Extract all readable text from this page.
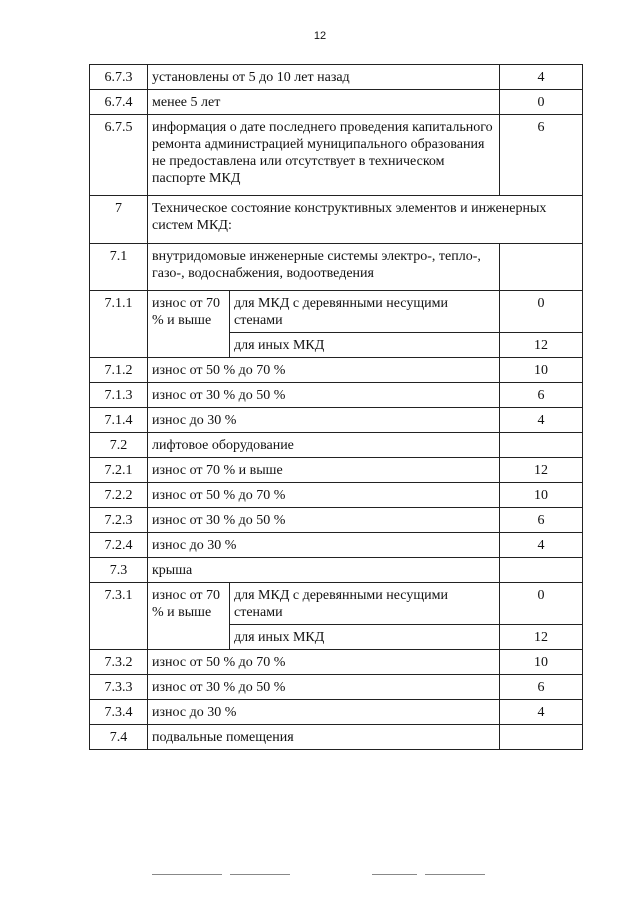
12
6.7.3	установлены от 5 до 10 лет назад		4
6.7.4	менее 5 лет		0
6.7.5	информация о дате последнего проведения капитального ремонта администрацией муниципального образования не предоставлена или отсутствует в техническом паспорте МКД		6
7	Техническое состояние конструктивных элементов и инженерных систем МКД:		
7.1	внутридомовые инженерные системы электро-, тепло-, газо-, водоснабжения, водоотведения		
7.1.1	износ от 70 % и выше	для МКД с деревянными несущими стенами	0
		для иных МКД	12
7.1.2	износ от 50 % до 70 %		10
7.1.3	износ от 30 % до 50 %		6
7.1.4	износ до 30 %		4
7.2	лифтовое оборудование		
7.2.1	износ от 70 % и выше		12
7.2.2	износ от 50 % до 70 %		10
7.2.3	износ от 30 % до 50 %		6
7.2.4	износ до 30 %		4
7.3	крыша		
7.3.1	износ от 70 % и выше	для МКД с деревянными несущими стенами	0
		для иных МКД	12
7.3.2	износ от 50 % до 70 %		10
7.3.3	износ от 30 % до 50 %		6
7.3.4	износ до 30 %		4
7.4	подвальные помещения		
